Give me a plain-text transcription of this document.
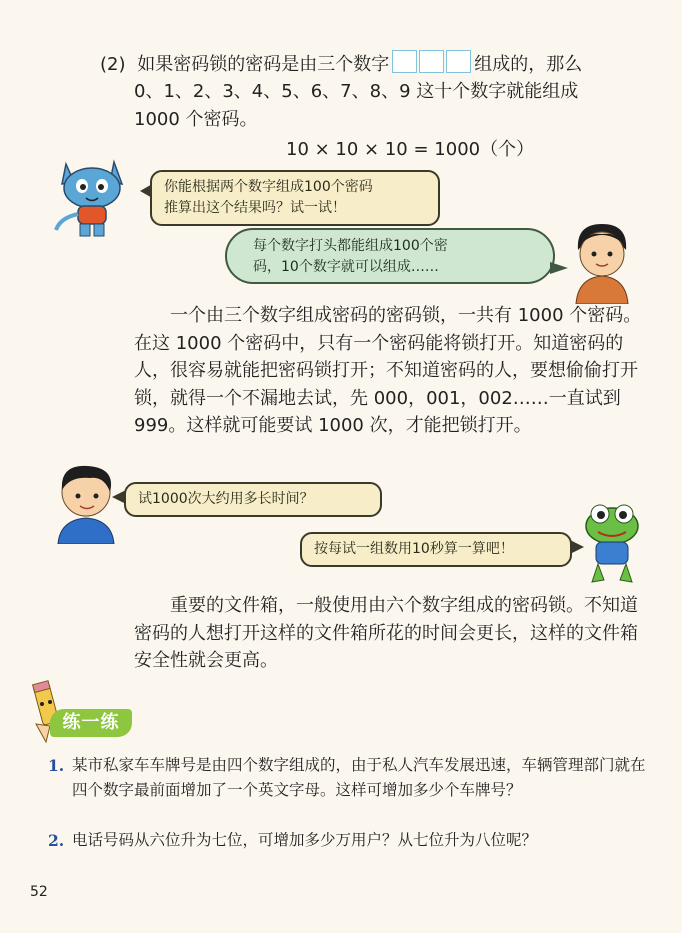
(2) 如果密码锁的密码是由三个数字	组成的，那么
0、1、2、3、4、5、6、7、8、9 这十个数字就能组成
1000 个密码。
10 × 10 × 10 = 1000（个）
你能根据两个数字组成100个密码
推算出这个结果吗？试一试！
每个数字打头都能组成100个密
码，10个数字就可以组成……
一个由三个数字组成密码的密码锁，一共有 1000 个密码。在这 1000 个密码中，只有一个密码能将锁打开。知道密码的人，很容易就能把密码锁打开；不知道密码的人，要想偷偷打开锁，就得一个不漏地去试，先 000，001，002……一直试到 999。这样就可能要试 1000 次，才能把锁打开。
试1000次大约用多长时间？
按每试一组数用10秒算一算吧！
重要的文件箱，一般使用由六个数字组成的密码锁。不知道密码的人想打开这样的文件箱所花的时间会更长，这样的文件箱安全性就会更高。
练一练
1. 某市私家车车牌号是由四个数字组成的，由于私人汽车发展迅速，车辆管理部门就在四个数字最前面增加了一个英文字母。这样可增加多少个车牌号？
2. 电话号码从六位升为七位，可增加多少万用户？从七位升为八位呢？
52
